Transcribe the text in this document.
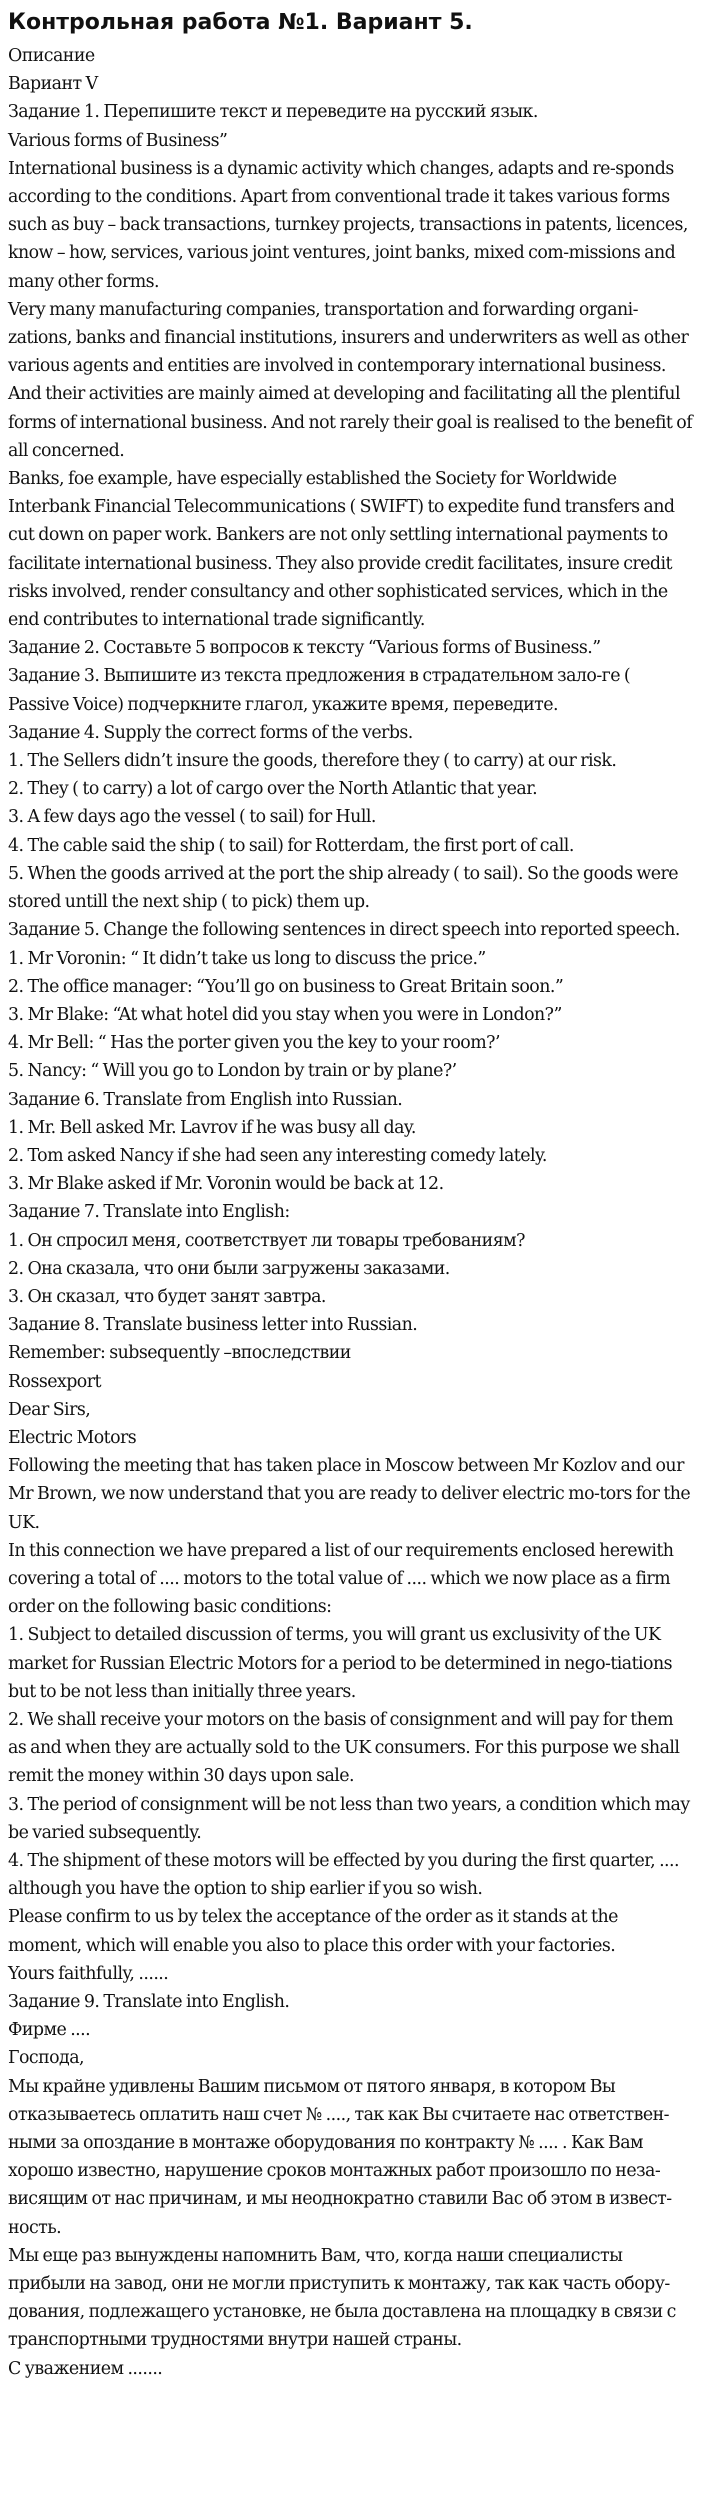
Контрольная работа №1. Вариант 5.

Описание

Вариант V

Задание 1. Перепишите текст и переведите на русский язык.

Various forms of Business”

International business is a dynamic activity which changes, adapts and re-sponds according to the conditions. Apart from conventional trade it takes various forms such as buy – back transactions, turnkey projects, transactions in patents, licences, know – how, services, various joint ventures, joint banks, mixed com-missions and many other forms.

Very many manufacturing companies, transportation and forwarding organi-zations, banks and financial institutions, insurers and underwriters as well as other various agents and entities are involved in contemporary international business. And their activities are mainly aimed at developing and facilitating all the plentiful forms of international business. And not rarely their goal is realised to the benefit of all concerned.

Banks, foe example, have especially established the Society for Worldwide Interbank Financial Telecommunications ( SWIFT) to expedite fund transfers and cut down on paper work. Bankers are not only settling international payments to facilitate international business. They also provide credit facilitates, insure credit risks involved, render consultancy and other sophisticated services, which in the end contributes to international trade significantly.

Задание 2. Составьте 5 вопросов к тексту “Various forms of Business.”

Задание 3. Выпишите из текста предложения в страдательном зало-ге ( Passive Voice) подчеркните глагол, укажите время, переведите.

Задание 4. Supply the correct forms of the verbs.

1. The Sellers didn’t insure the goods, therefore they ( to carry) at our risk.

2. They ( to carry) a lot of cargo over the North Atlantic that year.

3. A few days ago the vessel ( to sail) for Hull.

4. The cable said the ship ( to sail) for Rotterdam, the first port of call.

5. When the goods arrived at the port the ship already ( to sail). So the goods were stored untill the next ship ( to pick) them up.

Задание 5. Change the following sentences in direct speech into reported speech.

1. Mr Voronin: “ It didn’t take us long to discuss the price.”

2. The office manager: “You’ll go on business to Great Britain soon.”

3. Mr Blake: “At what hotel did you stay when you were in London?”

4. Mr Bell: “ Has the porter given you the key to your room?’

5. Nancy: “ Will you go to London by train or by plane?’

Задание 6. Translate from English into Russian.

1. Mr. Bell asked Mr. Lavrov if he was busy all day.

2. Tom asked Nancy if she had seen any interesting comedy lately.

3. Mr Blake asked if Mr. Voronin would be back at 12.

Задание 7. Translate into English:

1. Он спросил меня, соответствует ли товары требованиям?

2. Она сказала, что они были загружены заказами.

3. Он сказал, что будет занят завтра.

Задание 8. Translate business letter into Russian.

Remember: subsequently –впоследствии

Rossexport

Dear Sirs,

Electric Motors

Following the meeting that has taken place in Moscow between Mr Kozlov and our Mr Brown, we now understand that you are ready to deliver electric mo-tors for the UK.

In this connection we have prepared a list of our requirements enclosed herewith covering a total of .... motors to the total value of .... which we now place as a firm order on the following basic conditions:

1. Subject to detailed discussion of terms, you will grant us exclusivity of the UK market for Russian Electric Motors for a period to be determined in nego-tiations but to be not less than initially three years.

2. We shall receive your motors on the basis of consignment and will pay for them as and when they are actually sold to the UK consumers. For this purpose we shall remit the money within 30 days upon sale.

3. The period of consignment will be not less than two years, a condition which may be varied subsequently.

4. The shipment of these motors will be effected by you during the first quarter, .... although you have the option to ship earlier if you so wish.

Please confirm to us by telex the acceptance of the order as it stands at the moment, which will enable you also to place this order with your factories.

Yours faithfully, ......

Задание 9. Translate into English.

Фирме ....

Господа,

Мы крайне удивлены Вашим письмом от пятого января, в котором Вы отказываетесь оплатить наш счет № ...., так как Вы считаете нас ответствен-ными за опоздание в монтаже оборудования по контракту № .... . Как Вам хорошо известно, нарушение сроков монтажных работ произошло по неза-висящим от нас причинам, и мы неоднократно ставили Вас об этом в извест-ность.

Мы еще раз вынуждены напомнить Вам, что, когда наши специалисты прибыли на завод, они не могли приступить к монтажу, так как часть обору-дования, подлежащего установке, не была доставлена на площадку в связи с транспортными трудностями внутри нашей страны.

С уважением .......
